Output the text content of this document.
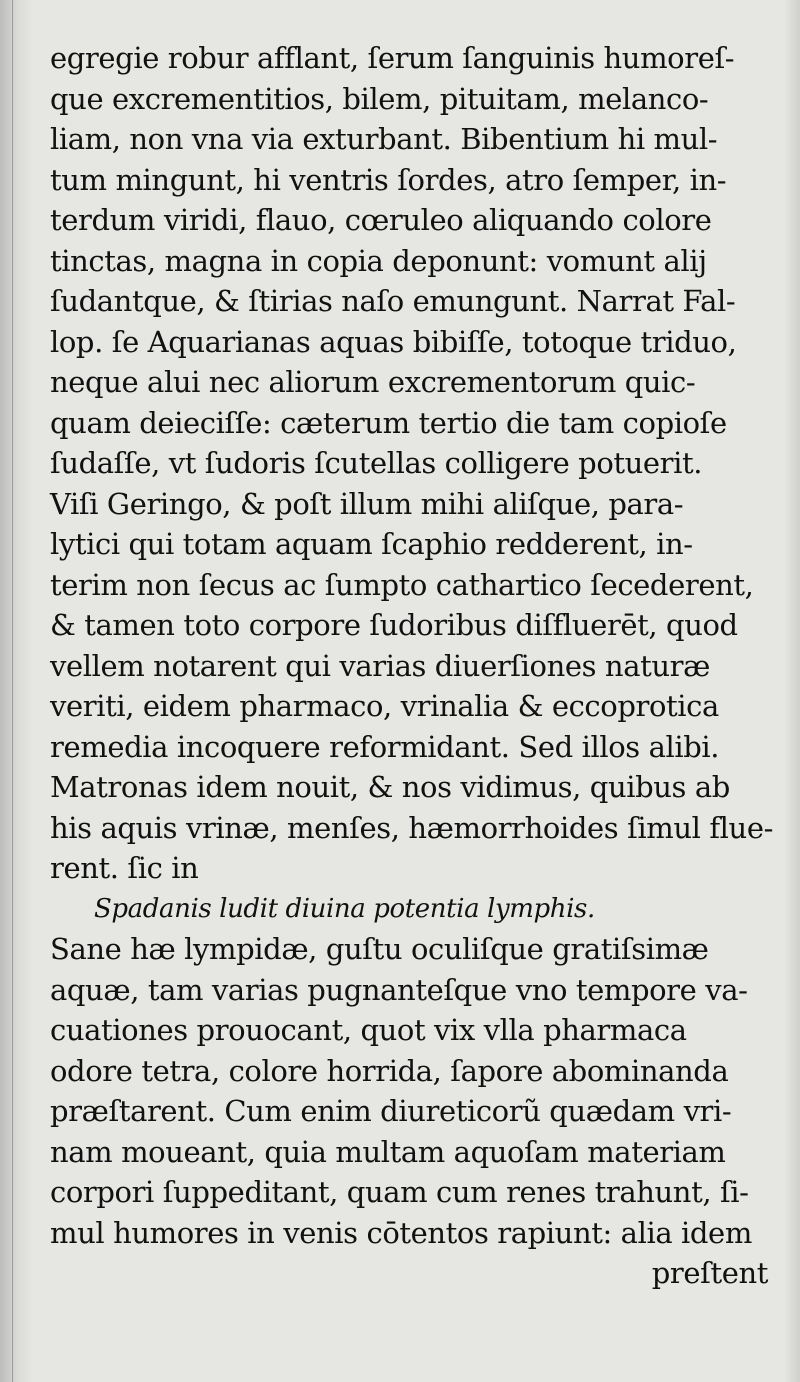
egregie robur afflant, ſerum ſanguinis humoreſ-
que excrementitios, bilem, pituitam, melanco-
liam, non vna via exturbant. Bibentium hi mul-
tum mingunt, hi ventris ſordes, atro ſemper, in-
terdum viridi, flauo, cœruleo aliquando colore
tinctas, magna in copia deponunt: vomunt alij
ſudantque, & ſtirias naſo emungunt. Narrat Fal-
lop. ſe Aquarianas aquas bibiſſe, totoque triduo,
neque alui nec aliorum excrementorum quic-
quam deieciſſe: cæterum tertio die tam copioſe
ſudaſſe, vt ſudoris ſcutellas colligere potuerit.
Viſi Geringo, & poſt illum mihi aliſque, para-
lytici qui totam aquam ſcaphio redderent, in-
terim non ſecus ac ſumpto cathartico ſecederent,
& tamen toto corpore ſudoribus diſfluerēt, quod
vellem notarent qui varias diuerſiones naturæ
veriti, eidem pharmaco, vrinalia & eccoprotica
remedia incoquere reformidant. Sed illos alibi.
Matronas idem nouit, & nos vidimus, quibus ab
his aquis vrinæ, menſes, hæmorrhoides ſimul flue-
rent. ſic in
Spadanis ludit diuina potentia lymphis.
Sane hæ lympidæ, guſtu oculiſque gratiſsimæ
aquæ, tam varias pugnanteſque vno tempore va-
cuationes prouocant, quot vix vlla pharmaca
odore tetra, colore horrida, ſapore abominanda
præſtarent. Cum enim diureticorũ quædam vri-
nam moueant, quia multam aquoſam materiam
corpori ſuppeditant, quam cum renes trahunt, ſi-
mul humores in venis cōtentos rapiunt: alia idem
preſtent
